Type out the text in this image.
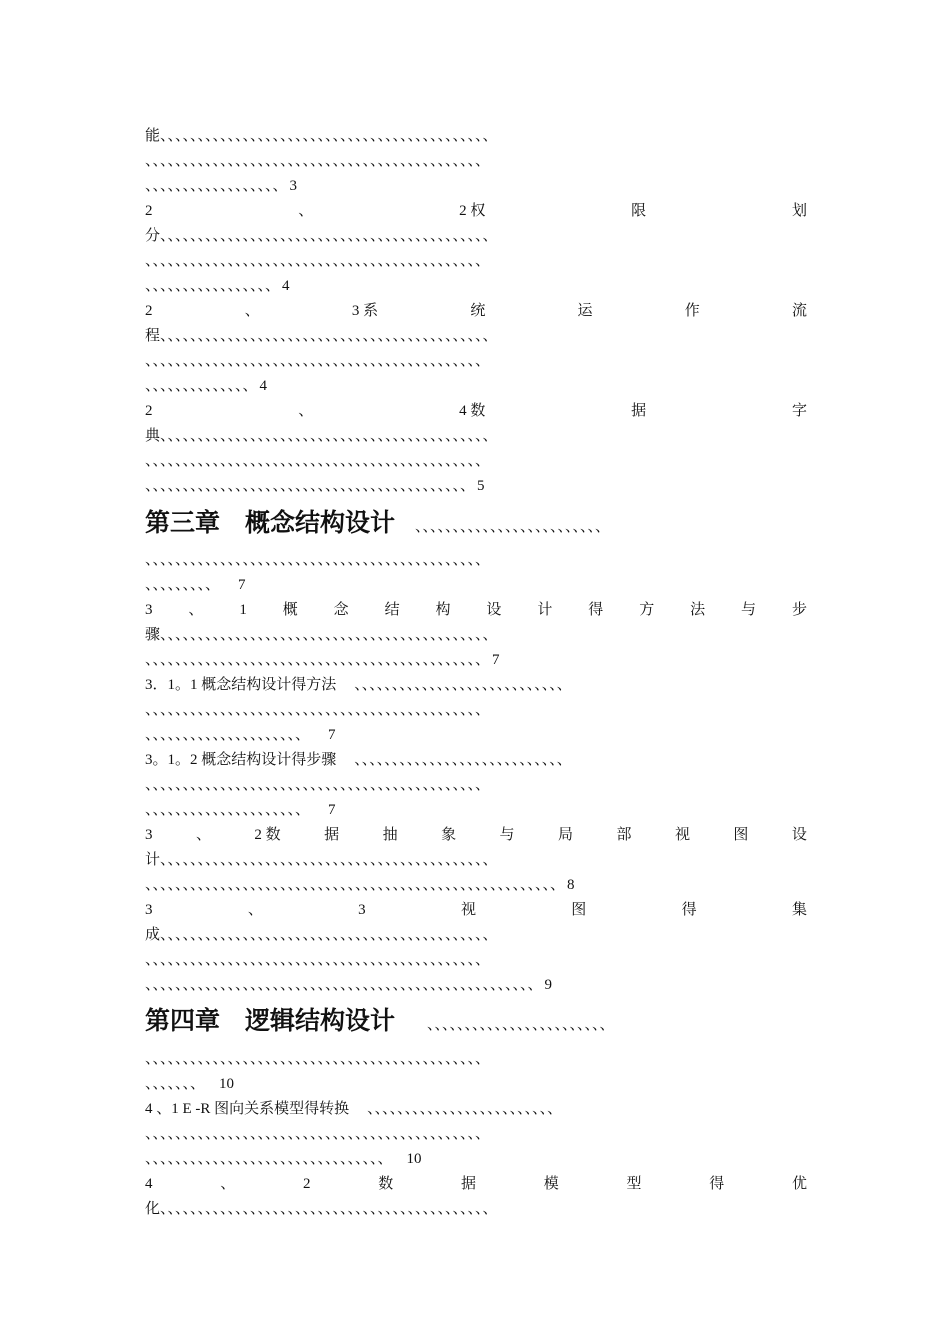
能、、、、、、、、、、、、、、、、、、、、、、、、、、、、、、、、、、、、、、、、、、、、
、、、、、、、、、、、、、、、、、、、、、、、、、、、、、、、、、、、、、、、、、、、、、
、、、、、、、、、、、、、、、、、、 3
2	、	2 权	限	划
分、、、、、、、、、、、、、、、、、、、、、、、、、、、、、、、、、、、、、、、、、、、、
、、、、、、、、、、、、、、、、、、、、、、、、、、、、、、、、、、、、、、、、、、、、、
、、、、、、、、、、、、、、、、、 4
2	、	3 系	统	运	作	流
程、、、、、、、、、、、、、、、、、、、、、、、、、、、、、、、、、、、、、、、、、、、、
、、、、、、、、、、、、、、、、、、、、、、、、、、、、、、、、、、、、、、、、、、、、、
、、、、、、、、、、、、、、 4
2	、	4 数	据	字
典、、、、、、、、、、、、、、、、、、、、、、、、、、、、、、、、、、、、、、、、、、、、
、、、、、、、、、、、、、、、、、、、、、、、、、、、、、、、、、、、、、、、、、、、、、
、、、、、、、、、、、、、、、、、、、、、、、、、、、、、、、、、、、、、、、、、、、 5
第三章　概念结构设计 、、、、、、、、、、、、、、、、、、、、、、、、、
、、、、、、、、、、、、、、、、、、、、、、、、、、、、、、、、、、、、、、、、、、、、、
、、、、、、、、、 7
3 、 1 概 念 结 构 设 计 得 方 法 与 步
骤、、、、、、、、、、、、、、、、、、、、、、、、、、、、、、、、、、、、、、、、、、、、
、、、、、、、、、、、、、、、、、、、、、、、、、、、、、、、、、、、、、、、、、、、、、 7
3．1。1 概念结构设计得方法 、、、、、、、、、、、、、、、、、、、、、、、、、、、、
、、、、、、、、、、、、、、、、、、、、、、、、、、、、、、、、、、、、、、、、、、、、、
、、、、、、、、、、、、、、、、、、、、、 7
3。1。2 概念结构设计得步骤 、、、、、、、、、、、、、、、、、、、、、、、、、、、、
、、、、、、、、、、、、、、、、、、、、、、、、、、、、、、、、、、、、、、、、、、、、、
、、、、、、、、、、、、、、、、、、、、、 7
3	、	2 数	据	抽	象	与	局	部	视	图	设
计、、、、、、、、、、、、、、、、、、、、、、、、、、、、、、、、、、、、、、、、、、、、
、、、、、、、、、、、、、、、、、、、、、、、、、、、、、、、、、、、、、、、、、、、、、、、、、、、、、、、 8
3	、	3	视	图	得	集
成、、、、、、、、、、、、、、、、、、、、、、、、、、、、、、、、、、、、、、、、、、、、
、、、、、、、、、、、、、、、、、、、、、、、、、、、、、、、、、、、、、、、、、、、、、
、、、、、、、、、、、、、、、、、、、、、、、、、、、、、、、、、、、、、、、、、、、、、、、、、、、、 9
第四章　逻辑结构设计 、、、、、、、、、、、、、、、、、、、、、、、、
、、、、、、、、、、、、、、、、、、、、、、、、、、、、、、、、、、、、、、、、、、、、、
、、、、、、、 10
4 、1 E -R 图向关系模型得转换 、、、、、、、、、、、、、、、、、、、、、、、、、
、、、、、、、、、、、、、、、、、、、、、、、、、、、、、、、、、、、、、、、、、、、、、
、、、、、、、、、、、、、、、、、、、、、、、、、、、、、、、、 10
4	、	2	数	据	模	型	得	优
化、、、、、、、、、、、、、、、、、、、、、、、、、、、、、、、、、、、、、、、、、、、、
